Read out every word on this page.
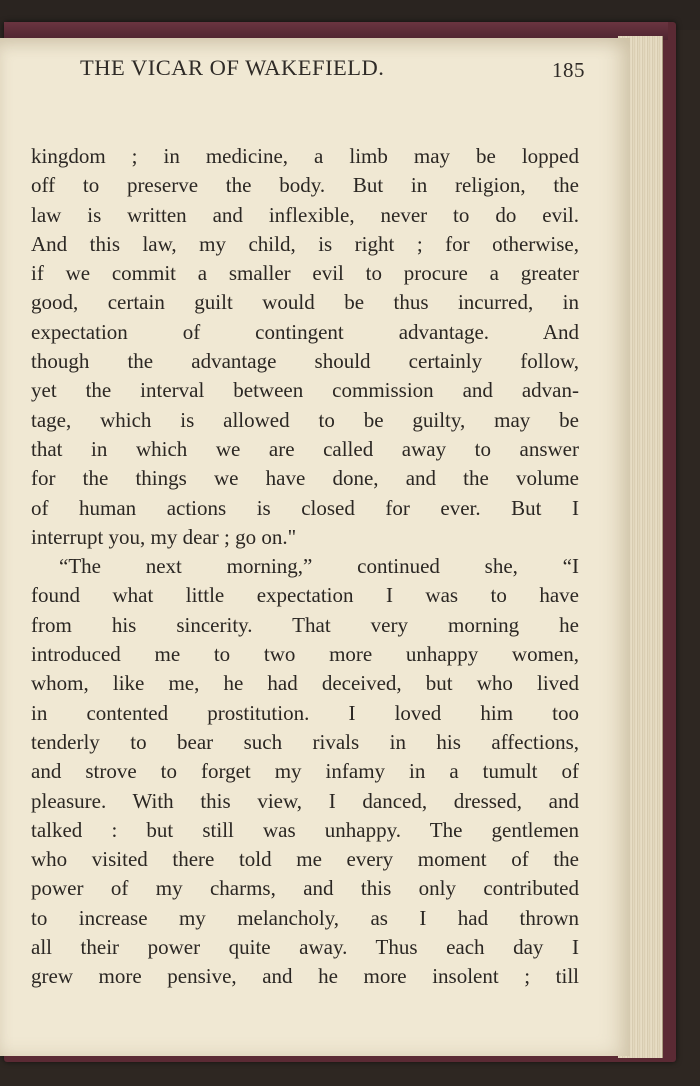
THE VICAR OF WAKEFIELD.	185
kingdom ; in medicine, a limb may be lopped
off to preserve the body. But in religion, the
law is written and inflexible, never to do evil.
And this law, my child, is right ; for otherwise,
if we commit a smaller evil to procure a greater
good, certain guilt would be thus incurred, in
expectation of contingent advantage. And
though the advantage should certainly follow,
yet the interval between commission and advan-
tage, which is allowed to be guilty, may be
that in which we are called away to answer
for the things we have done, and the volume
of human actions is closed for ever. But I
interrupt you, my dear ; go on."
“The next morning,” continued she, “I
found what little expectation I was to have
from his sincerity. That very morning he
introduced me to two more unhappy women,
whom, like me, he had deceived, but who lived
in contented prostitution. I loved him too
tenderly to bear such rivals in his affections,
and strove to forget my infamy in a tumult of
pleasure. With this view, I danced, dressed, and
talked : but still was unhappy. The gentlemen
who visited there told me every moment of the
power of my charms, and this only contributed
to increase my melancholy, as I had thrown
all their power quite away. Thus each day I
grew more pensive, and he more insolent ; till
